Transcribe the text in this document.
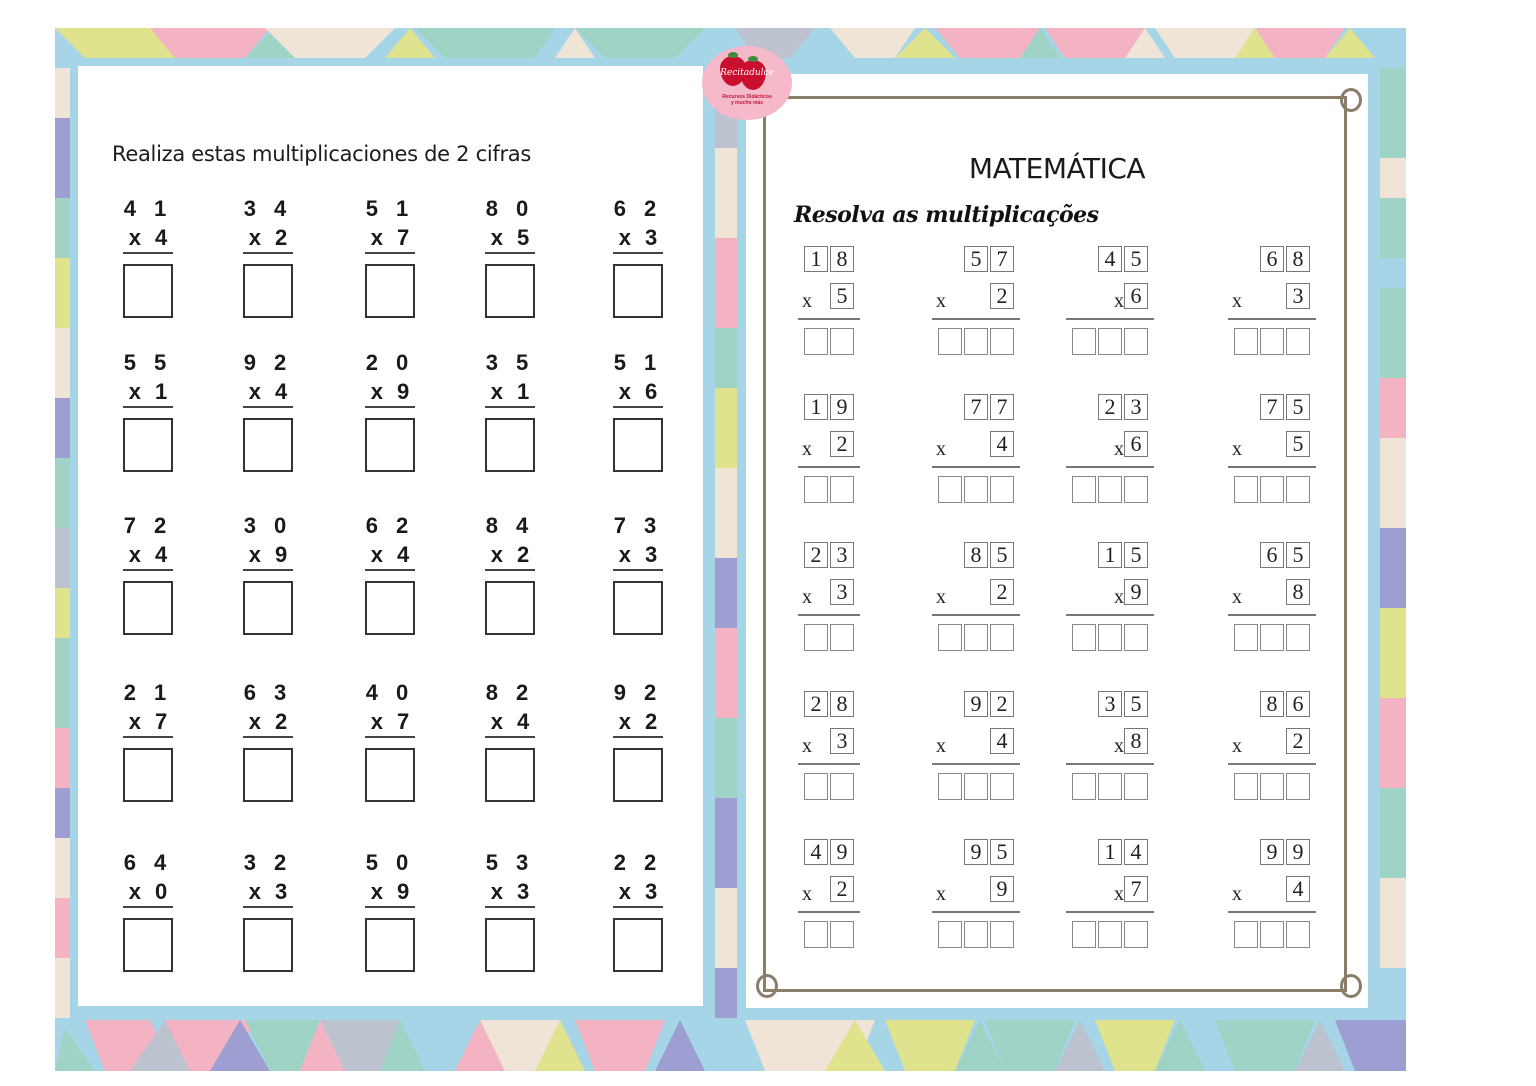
Realiza estas multiplicaciones de 2 cifras
4 1
x 4
3 4
x 2
5 1
x 7
8 0
x 5
6 2
x 3
5 5
x 1
9 2
x 4
2 0
x 9
3 5
x 1
5 1
x 6
7 2
x 4
3 0
x 9
6 2
x 4
8 4
x 2
7 3
x 3
2 1
x 7
6 3
x 2
4 0
x 7
8 2
x 4
9 2
x 2
6 4
x 0
3 2
x 3
5 0
x 9
5 3
x 3
2 2
x 3
MATEMÁTICA
Resolva as multiplicações
1 8
x 5
5 7
x 2
4 5
x 6
6 8
x 3
1 9
x 2
7 7
x 4
2 3
x 6
7 5
x 5
2 3
x 3
8 5
x 2
1 5
x 9
6 5
x 8
2 8
x 3
9 2
x 4
3 5
x 8
8 6
x 2
4 9
x 2
9 5
x 9
1 4
x 7
9 9
x 4
Recitadulce
Recursos Didácticos
y mucho más
